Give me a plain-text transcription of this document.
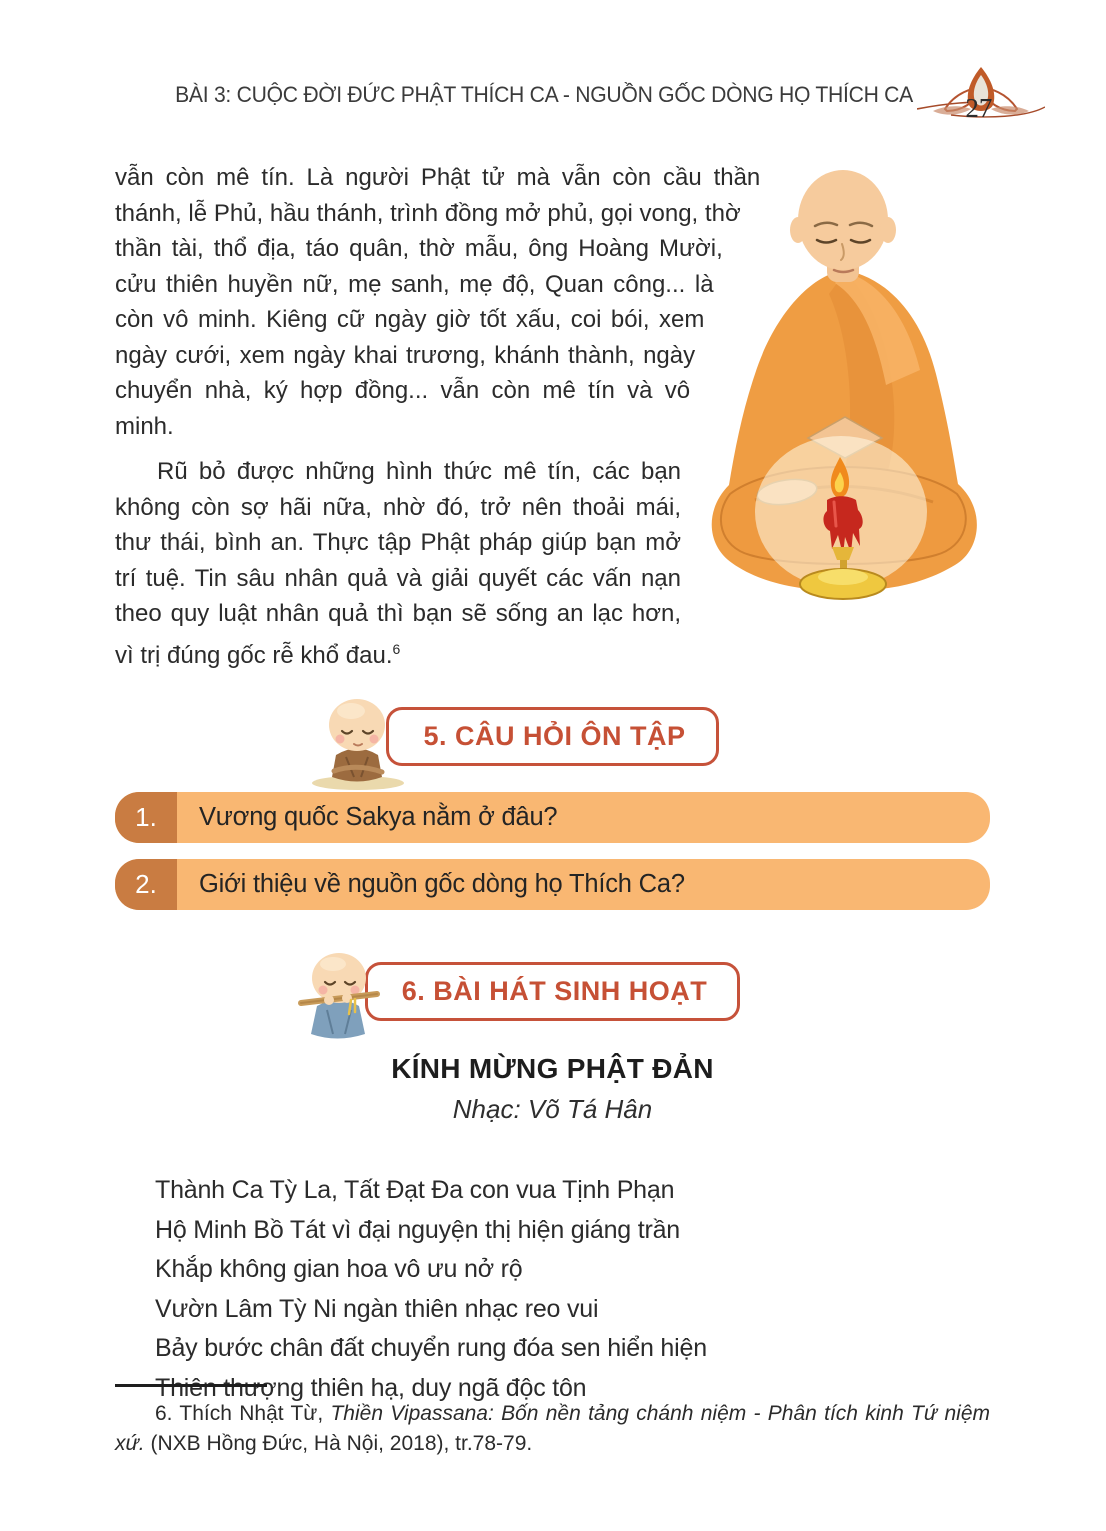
BÀI 3: CUỘC ĐỜI ĐỨC PHẬT THÍCH CA - NGUỒN GỐC DÒNG HỌ THÍCH CA 27

vẫn còn mê tín. Là người Phật tử mà vẫn còn cầu thần thánh, lễ Phủ, hầu thánh, trình đồng mở phủ, gọi vong, thờ thần tài, thổ địa, táo quân, thờ mẫu, ông Hoàng Mười, cửu thiên huyền nữ, mẹ sanh, mẹ độ, Quan công... là còn vô minh. Kiêng cữ ngày giờ tốt xấu, coi bói, xem ngày cưới, xem ngày khai trương, khánh thành, ngày chuyển nhà, ký hợp đồng... vẫn còn mê tín và vô minh.

Rũ bỏ được những hình thức mê tín, các bạn không còn sợ hãi nữa, nhờ đó, trở nên thoải mái, thư thái, bình an. Thực tập Phật pháp giúp bạn mở trí tuệ. Tin sâu nhân quả và giải quyết các vấn nạn theo quy luật nhân quả thì bạn sẽ sống an lạc hơn, vì trị đúng gốc rễ khổ đau.$^6$

5. CÂU HỎI ÔN TẬP
1.	Vương quốc Sakya nằm ở đâu?
2.	Giới thiệu về nguồn gốc dòng họ Thích Ca?
6. BÀI HÁT SINH HOẠT
KÍNH MỪNG PHẬT ĐẢN
Nhạc: Võ Tá Hân
Thành Ca Tỳ La, Tất Đạt Đa con vua Tịnh Phạn
Hộ Minh Bồ Tát vì đại nguyện thị hiện giáng trần
Khắp không gian hoa vô ưu nở rộ
Vườn Lâm Tỳ Ni ngàn thiên nhạc reo vui
Bảy bước chân đất chuyển rung đóa sen hiển hiện
Thiên thượng thiên hạ, duy ngã độc tôn

6. Thích Nhật Từ, Thiền Vipassana: Bốn nền tảng chánh niệm - Phân tích kinh Tứ niệm xứ. (NXB Hồng Đức, Hà Nội, 2018), tr.78-79.
